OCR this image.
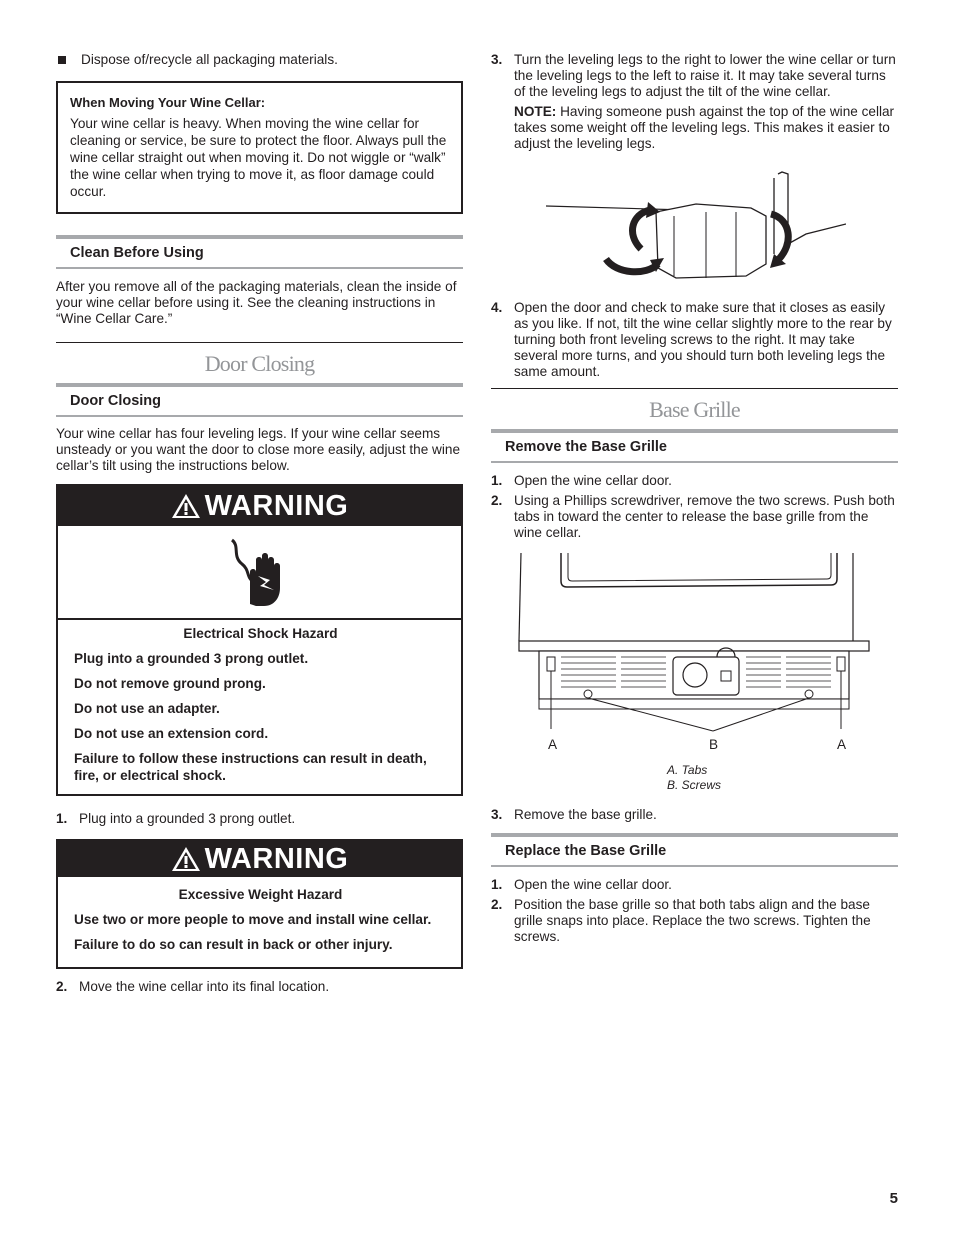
Dispose of/recycle all packaging materials.

When Moving Your Wine Cellar:

Your wine cellar is heavy. When moving the wine cellar for cleaning or service, be sure to protect the floor. Always pull the wine cellar straight out when moving it. Do not wiggle or “walk” the wine cellar when trying to move it, as floor damage could occur.

Clean Before Using

After you remove all of the packaging materials, clean the inside of your wine cellar before using it. See the cleaning instructions in “Wine Cellar Care.”

Door Closing
Door Closing

Your wine cellar has four leveling legs. If your wine cellar seems unsteady or you want the door to close more easily, adjust the wine cellar’s tilt using the instructions below.

WARNING
Electrical Shock Hazard
Plug into a grounded 3 prong outlet.
Do not remove ground prong.
Do not use an adapter.
Do not use an extension cord.
Failure to follow these instructions can result in death, fire, or electrical shock.
1. Plug into a grounded 3 prong outlet.
WARNING
Excessive Weight Hazard
Use two or more people to move and install wine cellar.
Failure to do so can result in back or other injury.
2. Move the wine cellar into its final location.
3. Turn the leveling legs to the right to lower the wine cellar or turn the leveling legs to the left to raise it. It may take several turns of the leveling legs to adjust the tilt of the wine cellar.

NOTE: Having someone push against the top of the wine cellar takes some weight off the leveling legs. This makes it easier to adjust the leveling legs.

4. Open the door and check to make sure that it closes as easily as you like. If not, tilt the wine cellar slightly more to the rear by turning both front leveling screws to the right. It may take several more turns, and you should turn both leveling legs the same amount.
Base Grille
Remove the Base Grille
1. Open the wine cellar door.
2. Using a Phillips screwdriver, remove the two screws. Push both tabs in toward the center to release the base grille from the wine cellar.
A	B	A
A. Tabs
B. Screws
3. Remove the base grille.
Replace the Base Grille
1. Open the wine cellar door.
2. Position the base grille so that both tabs align and the base grille snaps into place. Replace the two screws. Tighten the screws.
5
